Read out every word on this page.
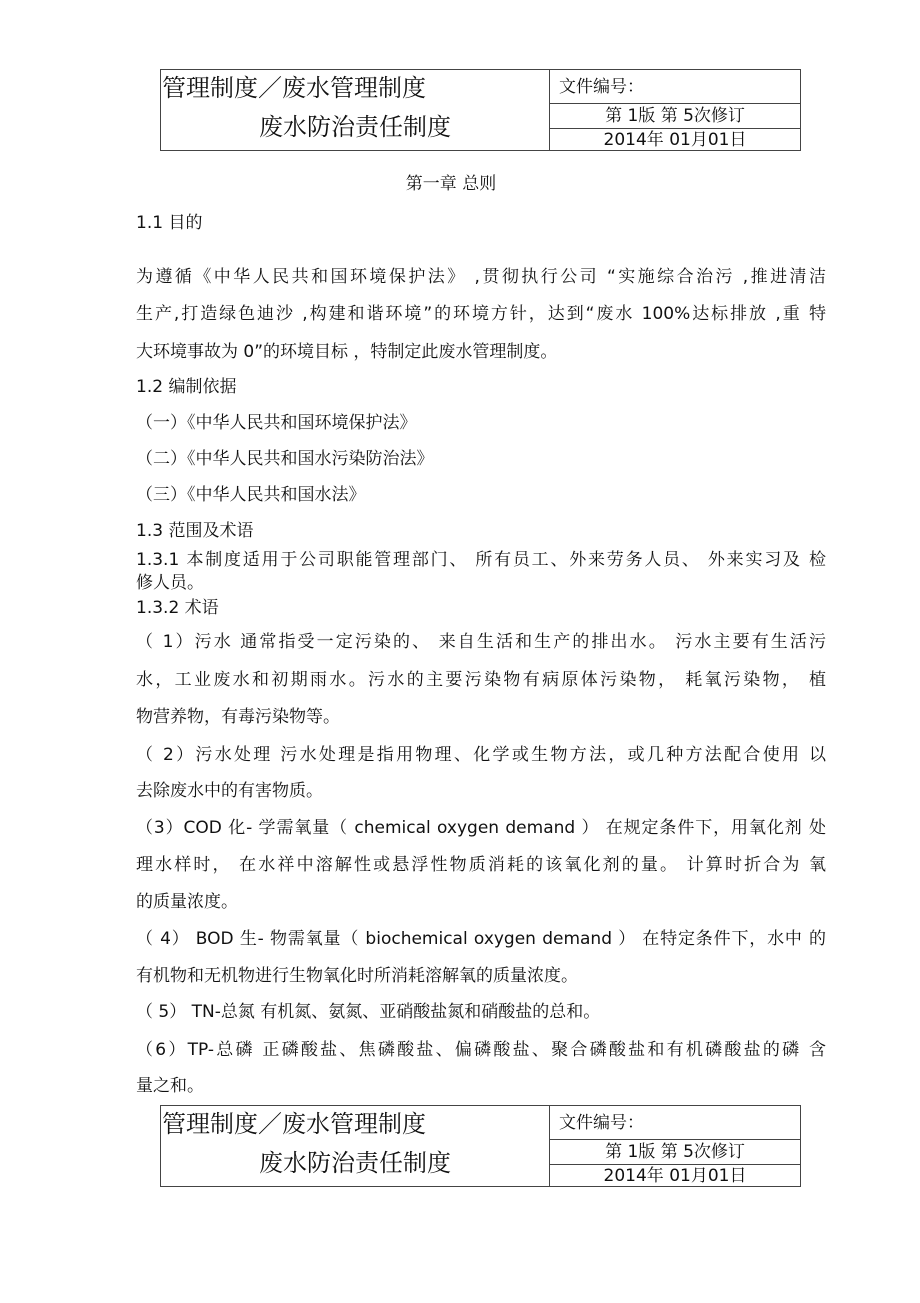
管理制度／废水管理制度
废水防治责任制度
文件编号：
第 1版 第 5次修订
2014年 01月01日
第一章 总则
1.1 目的
为遵循《中华人民共和国环境保护法》 ,贯彻执行公司 “实施综合治污 ,推进清洁
生产,打造绿色迪沙 ,构建和谐环境”的环境方针，达到“废水 100%达标排放 ,重 特
大环境事故为 0”的环境目标 ，特制定此废水管理制度。
1.2 编制依据
（一）《中华人民共和国环境保护法》
（二）《中华人民共和国水污染防治法》
（三）《中华人民共和国水法》
1.3 范围及术语
1.3.1 本制度适用于公司职能管理部门、 所有员工、外来劳务人员、 外来实习及 检
修人员。
1.3.2 术语
（ 1）污水 通常指受一定污染的、 来自生活和生产的排出水。 污水主要有生活污
水，工业废水和初期雨水。污水的主要污染物有病原体污染物， 耗氧污染物， 植
物营养物，有毒污染物等。
（ 2）污水处理 污水处理是指用物理、化学或生物方法，或几种方法配合使用 以
去除废水中的有害物质。
（3）COD 化- 学需氧量（ chemical oxygen demand ） 在规定条件下，用氧化剂 处
理水样时， 在水祥中溶解性或悬浮性物质消耗的该氧化剂的量。 计算时折合为 氧
的质量浓度。
（ 4） BOD 生- 物需氧量（ biochemical oxygen demand ） 在特定条件下，水中 的
有机物和无机物进行生物氧化时所消耗溶解氧的质量浓度。
（ 5） TN-总氮 有机氮、氨氮、亚硝酸盐氮和硝酸盐的总和。
（6）TP-总磷 正磷酸盐、焦磷酸盐、偏磷酸盐、聚合磷酸盐和有机磷酸盐的磷 含
量之和。
管理制度／废水管理制度
废水防治责任制度
文件编号：
第 1版 第 5次修订
2014年 01月01日
